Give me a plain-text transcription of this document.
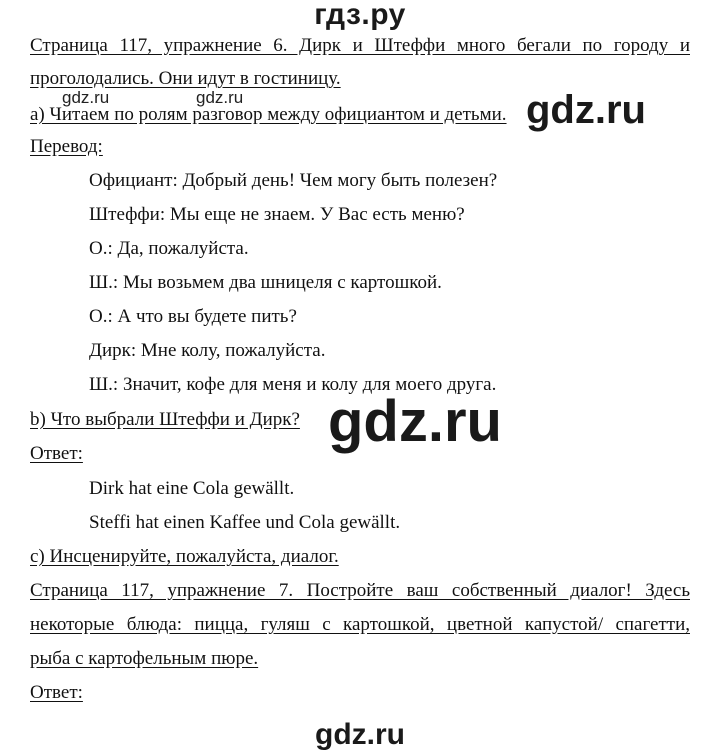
гдз.ру
Страница 117, упражнение 6. Дирк и Штеффи много бегали по городу и
проголодались. Они идут в гостиницу.
gdz.ru	gdz.ru	gdz.ru
а) Читаем по ролям разговор между официантом и детьми.
Перевод:
Официант: Добрый день! Чем могу быть полезен?
Штеффи: Мы еще не знаем. У Вас есть меню?
О.: Да, пожалуйста.
Ш.: Мы возьмем два шницеля с картошкой.
О.: А что вы будете пить?
Дирк: Мне колу, пожалуйста.
Ш.: Значит, кофе для меня и колу для моего друга.
b) Что выбрали Штеффи и Дирк? gdz.ru
Ответ:
Dirk hat eine Cola gewällt.
Steffi hat einen Kaffee und Cola gewällt.
c) Инсценируйте, пожалуйста, диалог.
Страница 117, упражнение 7. Постройте ваш собственный диалог! Здесь
некоторые блюда: пицца, гуляш с картошкой, цветной капустой/ спагетти,
рыба с картофельным пюре.
Ответ:
gdz.ru
